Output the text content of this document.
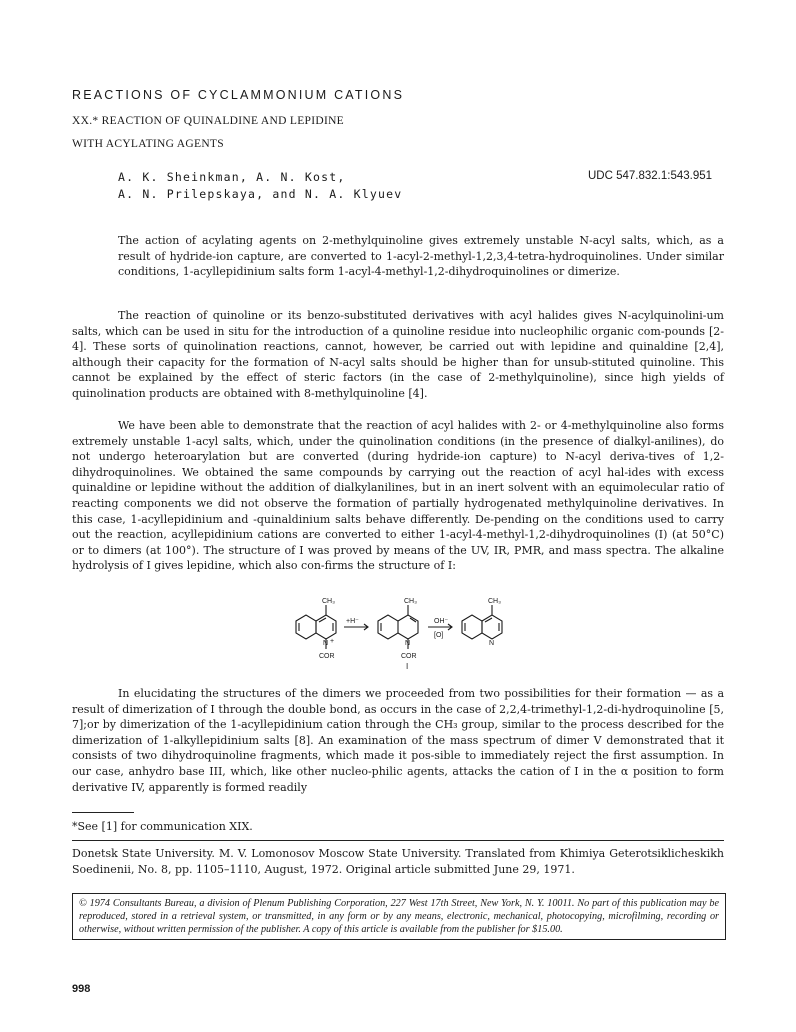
REACTIONS OF CYCLAMMONIUM CATIONS
XX.* REACTION OF QUINALDINE AND LEPIDINE
WITH ACYLATING AGENTS
A. K. Sheinkman, A. N. Kost,
A. N. Prilepskaya, and N. A. Klyuev
UDC 547.832.1:543.951
The action of acylating agents on 2-methylquinoline gives extremely unstable N-acyl salts, which, as a result of hydride-ion capture, are converted to 1-acyl-2-methyl-1,2,3,4-tetra-hydroquinolines. Under similar conditions, 1-acyllepidinium salts form 1-acyl-4-methyl-1,2-dihydroquinolines or dimerize.
The reaction of quinoline or its benzo-substituted derivatives with acyl halides gives N-acylquinolini-um salts, which can be used in situ for the introduction of a quinoline residue into nucleophilic organic com-pounds [2-4]. These sorts of quinolination reactions, cannot, however, be carried out with lepidine and quinaldine [2,4], although their capacity for the formation of N-acyl salts should be higher than for unsub-stituted quinoline. This cannot be explained by the effect of steric factors (in the case of 2-methylquinoline), since high yields of quinolination products are obtained with 8-methylquinoline [4].
We have been able to demonstrate that the reaction of acyl halides with 2- or 4-methylquinoline also forms extremely unstable 1-acyl salts, which, under the quinolination conditions (in the presence of dialkyl-anilines), do not undergo heteroarylation but are converted (during hydride-ion capture) to N-acyl deriva-tives of 1,2-dihydroquinolines. We obtained the same compounds by carrying out the reaction of acyl hal-ides with excess quinaldine or lepidine without the addition of dialkylanilines, but in an inert solvent with an equimolecular ratio of reacting components we did not observe the formation of partially hydrogenated methylquinoline derivatives. In this case, 1-acyllepidinium and -quinaldinium salts behave differently. De-pending on the conditions used to carry out the reaction, acyllepidinium cations are converted to either 1-acyl-4-methyl-1,2-dihydroquinolines (I) (at 50°C) or to dimers (at 100°). The structure of I was proved by means of the UV, IR, PMR, and mass spectra. The alkaline hydrolysis of I gives lepidine, which also con-firms the structure of I:
CH₃
N +
COR
+H⁻
CH₃
N
COR
OH⁻
[O]
CH₃
N
I
In elucidating the structures of the dimers we proceeded from two possibilities for their formation — as a result of dimerization of I through the double bond, as occurs in the case of 2,2,4-trimethyl-1,2-di-hydroquinoline [5, 7];or by dimerization of the 1-acyllepidinium cation through the CH₃ group, similar to the process described for the dimerization of 1-alkyllepidinium salts [8]. An examination of the mass spectrum of dimer V demonstrated that it consists of two dihydroquinoline fragments, which made it pos-sible to immediately reject the first assumption. In our case, anhydro base III, which, like other nucleo-philic agents, attacks the cation of I in the α position to form derivative IV, apparently is formed readily
*See [1] for communication XIX.
Donetsk State University. M. V. Lomonosov Moscow State University. Translated from Khimiya Geterotsiklicheskikh Soedinenii, No. 8, pp. 1105–1110, August, 1972. Original article submitted June 29, 1971.
© 1974 Consultants Bureau, a division of Plenum Publishing Corporation, 227 West 17th Street, New York, N. Y. 10011. No part of this publication may be reproduced, stored in a retrieval system, or transmitted, in any form or by any means, electronic, mechanical, photocopying, microfilming, recording or otherwise, without written permission of the publisher. A copy of this article is available from the publisher for $15.00.
998
